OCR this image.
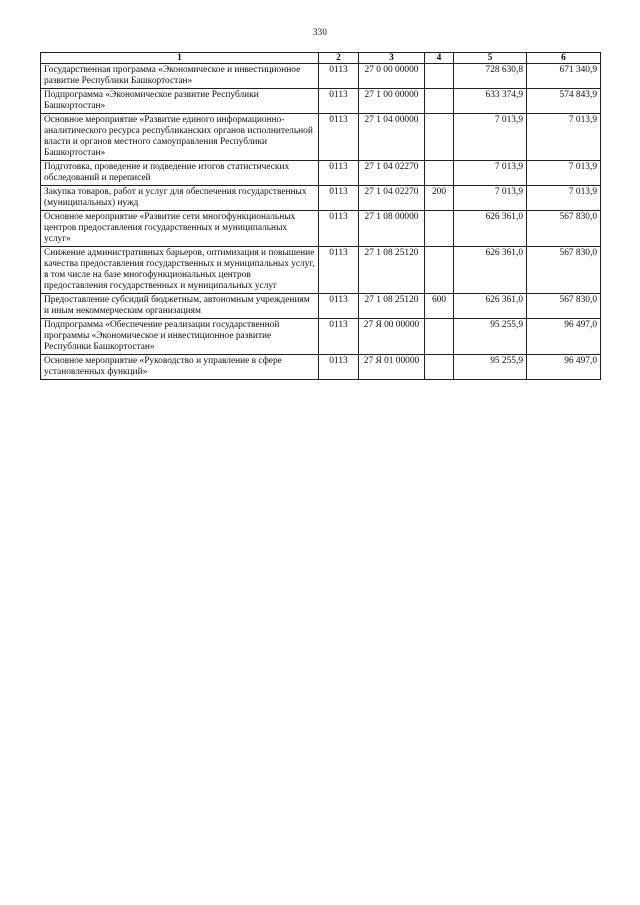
330
1	2	3	4	5	6
Государственная программа «Экономическое и инвестиционное развитие Республики Башкортостан»	0113	27 0 00 00000		728 630,8	671 340,9
Подпрограмма «Экономическое развитие Республики Башкортостан»	0113	27 1 00 00000		633 374,9	574 843,9
Основное мероприятие «Развитие единого информационно-аналитического ресурса республиканских органов исполнительной власти и органов местного самоуправления Республики Башкортостан»	0113	27 1 04 00000		7 013,9	7 013,9
Подготовка, проведение и подведение итогов статистических обследований и переписей	0113	27 1 04 02270		7 013,9	7 013,9
Закупка товаров, работ и услуг для обеспечения государственных (муниципальных) нужд	0113	27 1 04 02270	200	7 013,9	7 013,9
Основное мероприятие «Развитие сети многофункциональных центров предоставления государственных и муниципальных услуг»	0113	27 1 08 00000		626 361,0	567 830,0
Снижение административных барьеров, оптимизация и повышение качества предоставления государственных и муниципальных услуг, в том числе на базе многофункциональных центров предоставления государственных и муниципальных услуг	0113	27 1 08 25120		626 361,0	567 830,0
Предоставление субсидий бюджетным, автономным учреждениям и иным некоммерческим организациям	0113	27 1 08 25120	600	626 361,0	567 830,0
Подпрограмма «Обеспечение реализации государственной программы «Экономическое и инвестиционное развитие Республики Башкортостан»	0113	27 Я 00 00000		95 255,9	96 497,0
Основное мероприятие «Руководство и управление в сфере установленных функций»	0113	27 Я 01 00000		95 255,9	96 497,0
